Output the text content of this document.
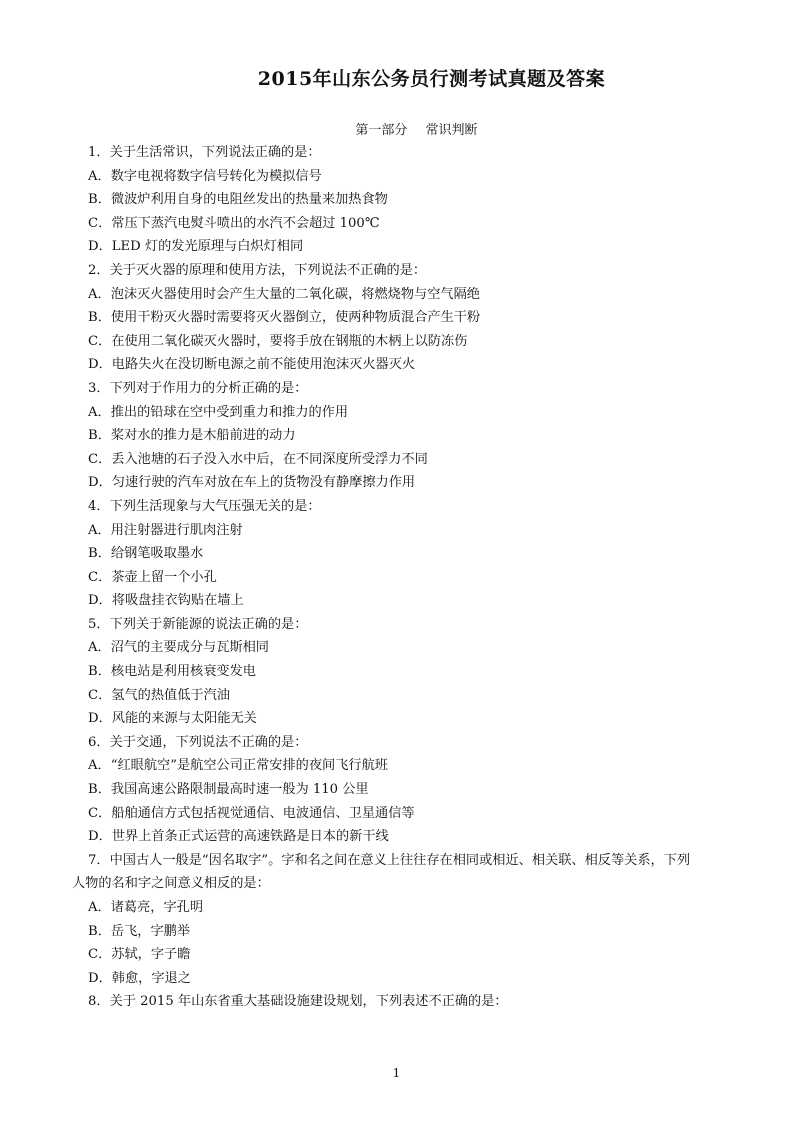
2015年山东公务员行测考试真题及答案
第一部分 常识判断
1．关于生活常识，下列说法正确的是：
A．数字电视将数字信号转化为模拟信号
B．微波炉利用自身的电阻丝发出的热量来加热食物
C．常压下蒸汽电熨斗喷出的水汽不会超过 100℃
D．LED 灯的发光原理与白炽灯相同
2．关于灭火器的原理和使用方法，下列说法不正确的是：
A．泡沫灭火器使用时会产生大量的二氧化碳，将燃烧物与空气隔绝
B．使用干粉灭火器时需要将灭火器倒立，使两种物质混合产生干粉
C．在使用二氧化碳灭火器时，要将手放在钢瓶的木柄上以防冻伤
D．电路失火在没切断电源之前不能使用泡沫灭火器灭火
3．下列对于作用力的分析正确的是：
A．推出的铅球在空中受到重力和推力的作用
B．桨对水的推力是木船前进的动力
C．丢入池塘的石子没入水中后，在不同深度所受浮力不同
D．匀速行驶的汽车对放在车上的货物没有静摩擦力作用
4．下列生活现象与大气压强无关的是：
A．用注射器进行肌肉注射
B．给钢笔吸取墨水
C．茶壶上留一个小孔
D．将吸盘挂衣钩贴在墙上
5．下列关于新能源的说法正确的是：
A．沼气的主要成分与瓦斯相同
B．核电站是利用核衰变发电
C．氢气的热值低于汽油
D．风能的来源与太阳能无关
6．关于交通，下列说法不正确的是：
A．“红眼航空”是航空公司正常安排的夜间飞行航班
B．我国高速公路限制最高时速一般为 110 公里
C．船舶通信方式包括视觉通信、电波通信、卫星通信等
D．世界上首条正式运营的高速铁路是日本的新干线
7．中国古人一般是“因名取字”。字和名之间在意义上往往存在相同或相近、相关联、相反等关系，下列
人物的名和字之间意义相反的是：
A．诸葛亮，字孔明
B．岳飞，字鹏举
C．苏轼，字子瞻
D．韩愈，字退之
8．关于 2015 年山东省重大基础设施建设规划，下列表述不正确的是：
1
